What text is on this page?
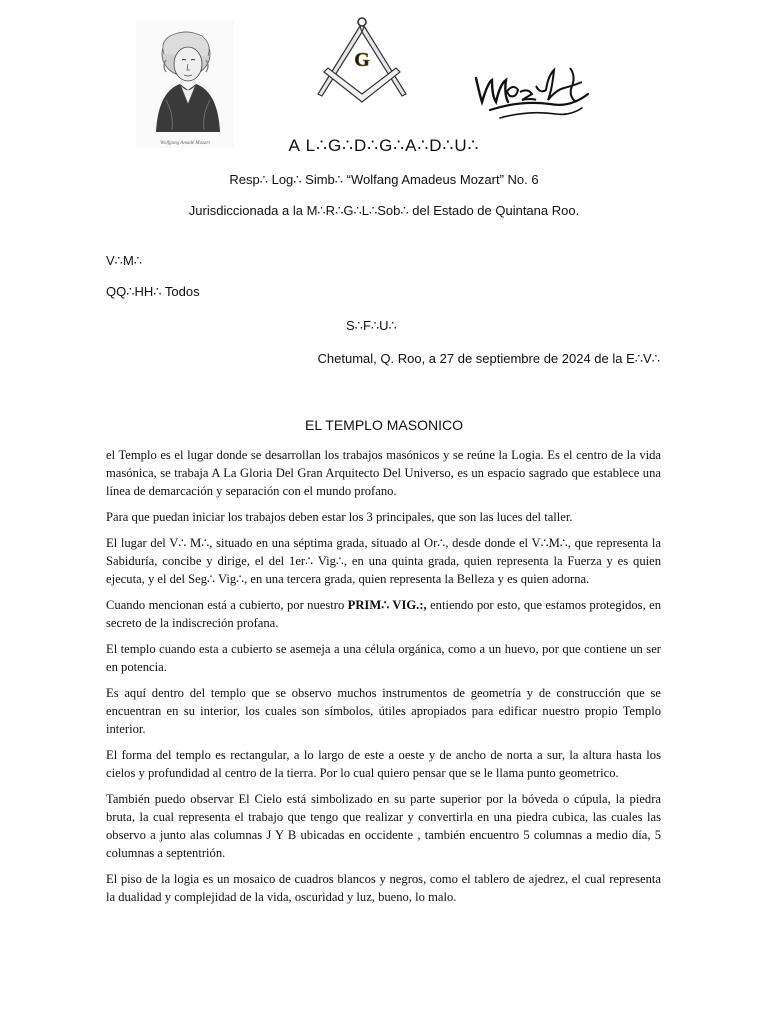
Wolfgang Amadé Mozart
G
A L∴G∴D∴G∴A∴D∴U∴
Resp∴ Log∴ Simb∴ “Wolfang Amadeus Mozart” No. 6
Jurisdiccionada a la M∴R∴G∴L∴Sob∴ del Estado de Quintana Roo.
V∴M∴
QQ∴HH∴ Todos
S∴F∴U∴
Chetumal, Q. Roo, a 27 de septiembre de 2024 de la E∴V∴
EL TEMPLO MASONICO

el Templo es el lugar donde se desarrollan los trabajos masónicos y se reúne la Logia. Es el centro de la vida masónica, se trabaja A La Gloria Del Gran Arquitecto Del Universo, es un espacio sagrado que establece una línea de demarcación y separación con el mundo profano.

Para que puedan iniciar los trabajos deben estar los 3 principales, que son las luces del taller.

El lugar del V∴ M∴, situado en una séptima grada, situado al Or∴, desde donde el V∴M∴, que representa la Sabiduría, concibe y dirige, el del 1er∴ Vig∴, en una quinta grada, quien representa la Fuerza y es quien ejecuta, y el del Seg∴ Vig∴, en una tercera grada, quien representa la Belleza y es quien adorna.

Cuando mencionan está a cubierto, por nuestro PRIM∴ VIG.:, entiendo por esto, que estamos protegidos, en secreto de la indiscreción profana.

El templo cuando esta a cubierto se asemeja a una célula orgánica, como a un huevo, por que contiene un ser en potencia.

Es aquí dentro del templo que se observo muchos instrumentos de geometría y de construcción que se encuentran en su interior, los cuales son símbolos, útiles apropiados para edificar nuestro propio Templo interior.

El forma del templo es rectangular, a lo largo de este a oeste y de ancho de norta a sur, la altura hasta los cielos y profundidad al centro de la tierra. Por lo cual quiero pensar que se le llama punto geometrico.

También puedo observar El Cielo está simbolizado en su parte superior por la bóveda o cúpula, la piedra bruta, la cual representa el trabajo que tengo que realizar y convertirla en una piedra cubica, las cuales las observo a junto alas columnas J Y B ubicadas en occidente , también encuentro 5 columnas a medio día, 5 columnas a septentrión.

El piso de la logia es un mosaico de cuadros blancos y negros, como el tablero de ajedrez, el cual representa la dualidad y complejidad de la vida, oscuridad y luz, bueno, lo malo.
